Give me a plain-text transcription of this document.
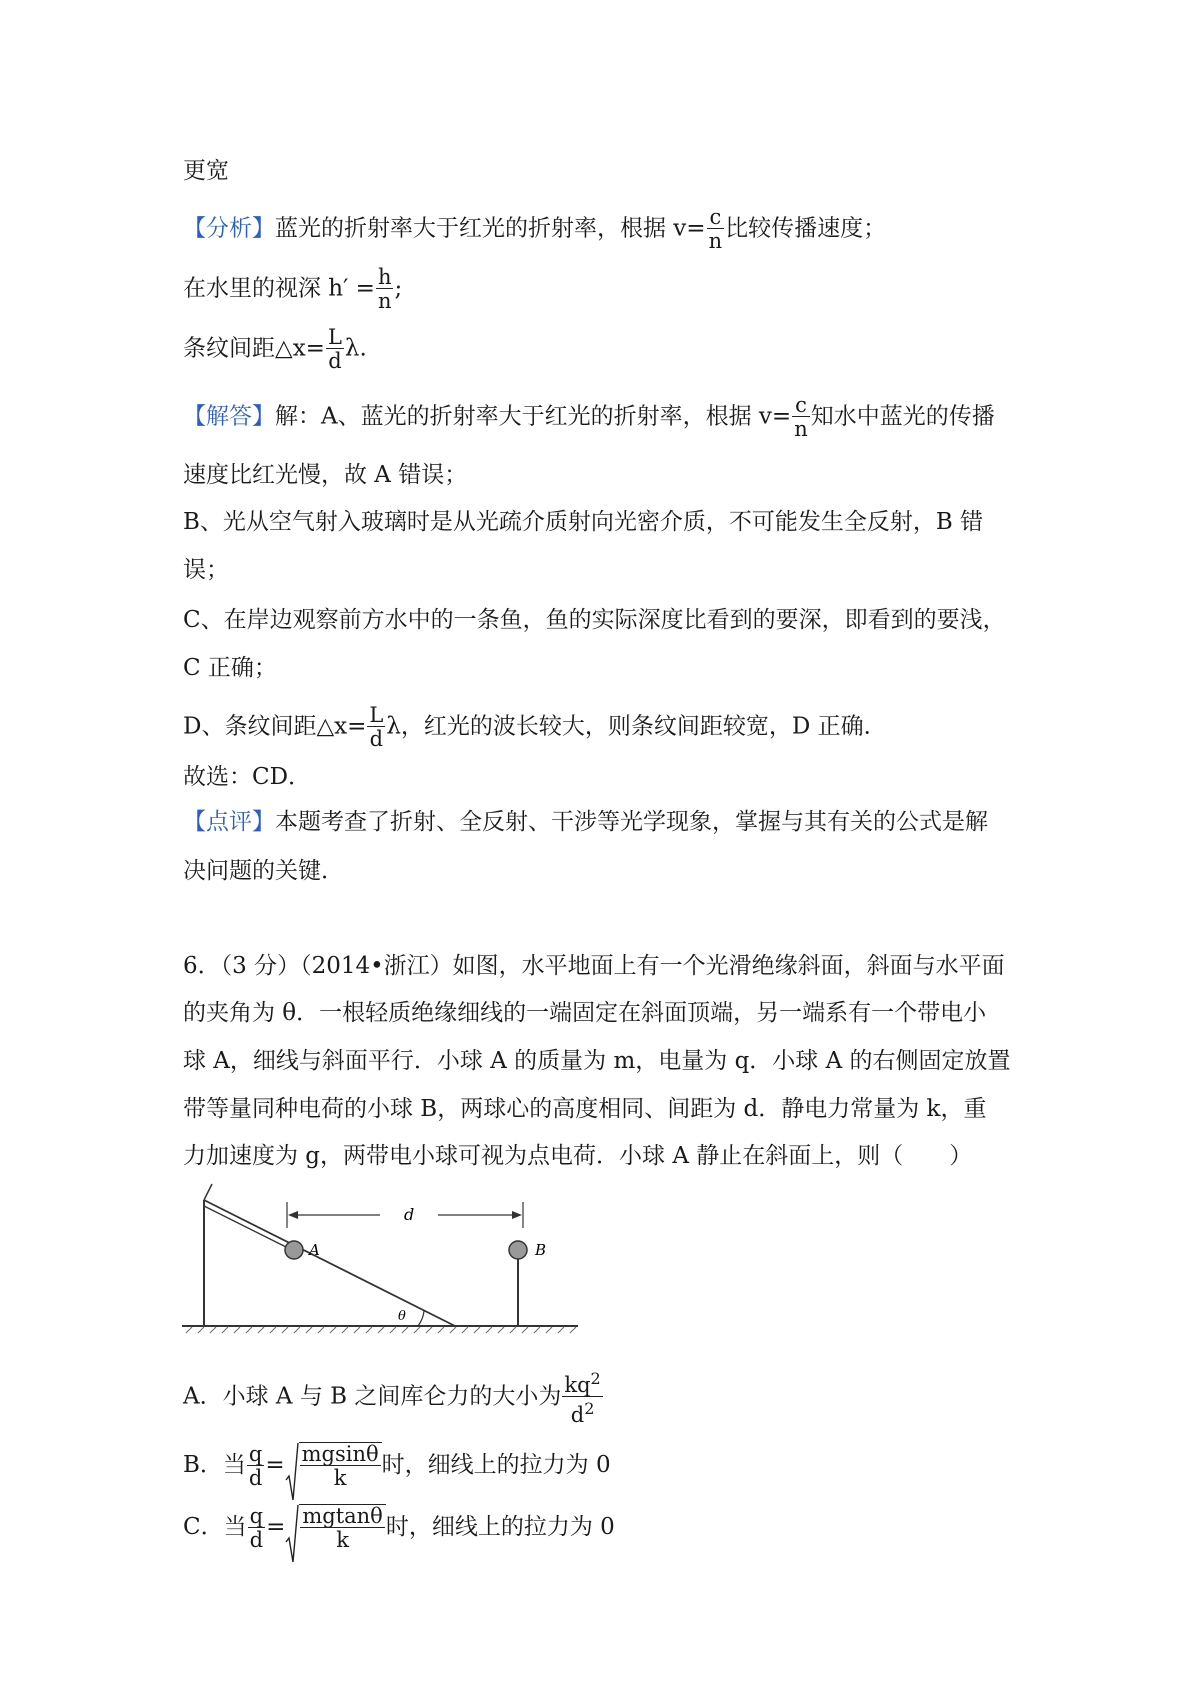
更宽
【分析】蓝光的折射率大于红光的折射率，根据 $v= \frac{c}{n}$ 比较传播速度；
在水里的视深 $h' = \frac{h}{n}$ ;
条纹间距△x= $\frac{L}{d} \lambda$.
【解答】解：A、蓝光的折射率大于红光的折射率，根据 $v= \frac{c}{n}$ 知水中蓝光的传播
速度比红光慢，故 A 错误；
B、光从空气射入玻璃时是从光疏介质射向光密介质，不可能发生全反射，B 错
误；
C、在岸边观察前方水中的一条鱼，鱼的实际深度比看到的要深，即看到的要浅，
C 正确；
D、条纹间距△x= $\frac{L}{d}$ λ，红光的波长较大，则条纹间距较宽，D 正确．
故选：CD．
【点评】本题考查了折射、全反射、干涉等光学现象，掌握与其有关的公式是解
决问题的关键．
6．（3 分）（2014•浙江）如图，水平地面上有一个光滑绝缘斜面，斜面与水平面
的夹角为 θ．一根轻质绝缘细线的一端固定在斜面顶端，另一端系有一个带电小
球 A，细线与斜面平行．小球 A 的质量为 m，电量为 q．小球 A 的右侧固定放置
带等量同种电荷的小球 B，两球心的高度相同、间距为 d．静电力常量为 k，重
力加速度为 g，两带电小球可视为点电荷．小球 A 静止在斜面上，则（　　）
A	B
d
θ
A．小球 A 与 B 之间库仑力的大小为 $\frac{kq^2}{d^2}$
B．当 $\frac{q}{d} = \frac{mgsin\theta}{k}$ 时，细线上的拉力为 0
C．当 $\frac{q}{d} = \frac{mgtan\theta}{k}$ 时，细线上的拉力为 0
